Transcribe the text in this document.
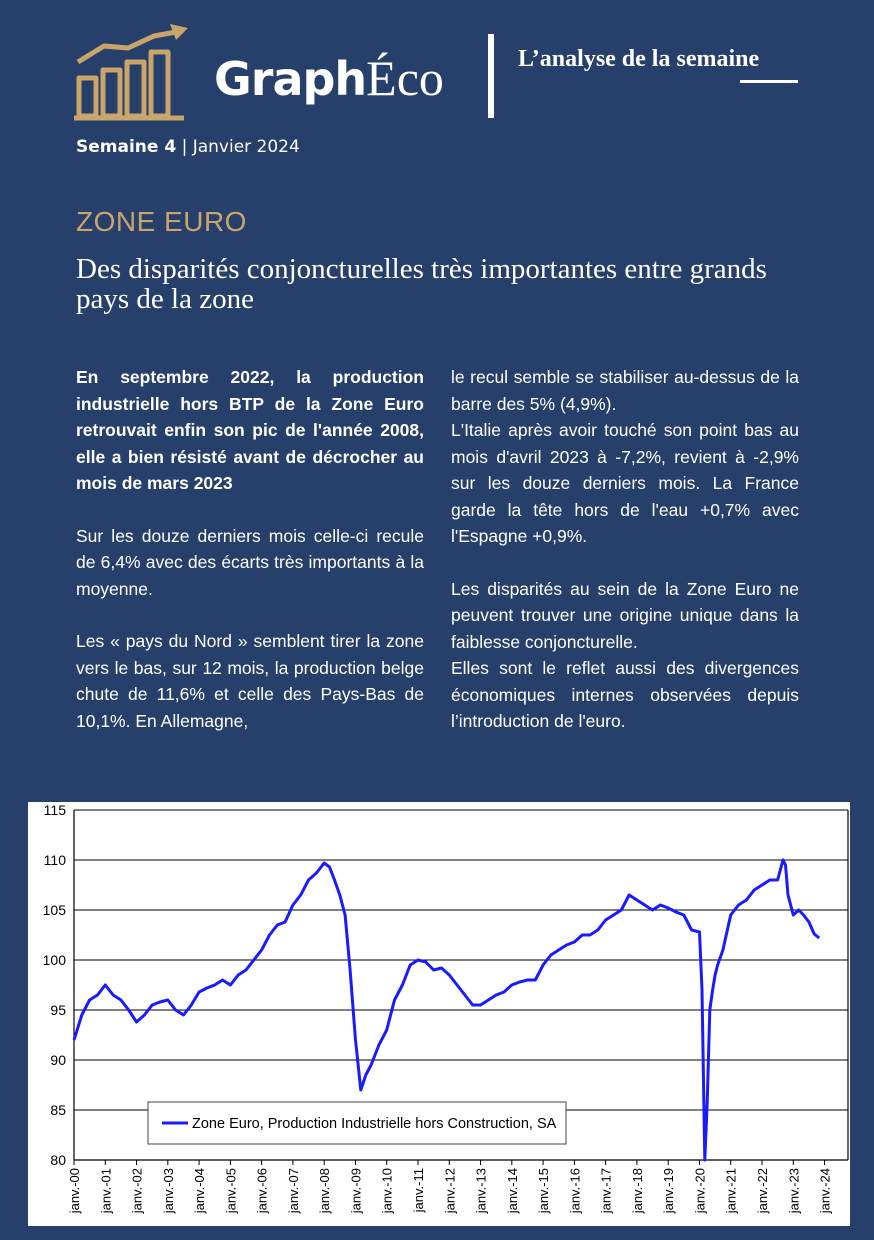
GraphÉco	L’analyse de la semaine
Semaine 4 | Janvier 2024
ZONE EURO
Des disparités conjoncturelles très importantes entre grands pays de la zone

En septembre 2022, la production industrielle hors BTP de la Zone Euro retrouvait enfin son pic de l'année 2008, elle a bien résisté avant de décrocher au mois de mars 2023

Sur les douze derniers mois celle-ci recule de 6,4% avec des écarts très importants à la moyenne.

Les « pays du Nord » semblent tirer la zone vers le bas, sur 12 mois, la production belge chute de 11,6% et celle des Pays-Bas de 10,1%. En Allemagne,

le recul semble se stabiliser au-dessus de la barre des 5% (4,9%).

L'Italie après avoir touché son point bas au mois d'avril 2023 à -7,2%, revient à -2,9% sur les douze derniers mois. La France garde la tête hors de l'eau +0,7% avec l'Espagne +0,9%.

Les disparités au sein de la Zone Euro ne peuvent trouver une origine unique dans la faiblesse conjoncturelle.

Elles sont le reflet aussi des divergences économiques internes observées depuis l’introduction de l'euro.

80
85
90
95
100
105
110
115
janv.-00 janv.-01 janv.-02 janv.-03 janv.-04 janv.-05 janv.-06 janv.-07 janv.-08 janv.-09 janv.-10 janv.-11 janv.-12 janv.-13 janv.-14 janv.-15 janv.-16 janv.-17 janv.-18 janv.-19 janv.-20 janv.-21 janv.-22 janv.-23 janv.-24
Zone Euro, Production Industrielle hors Construction, SA
